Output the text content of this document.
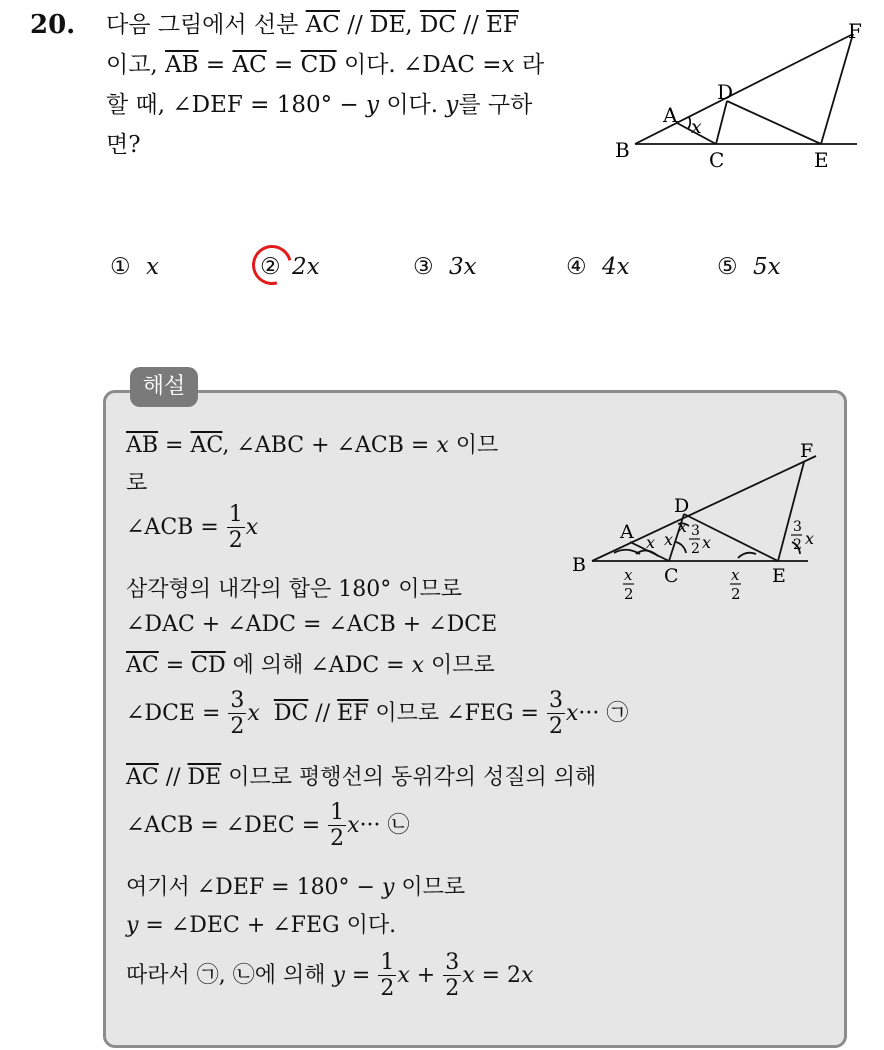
20. 다음 그림에서 선분 $\overline{AC} // \overline{DE}$, $\overline{DC} // \overline{EF}$
이고, $\overline{AB} = \overline{AC} = \overline{CD}$ 이다. ∠DAC =x 라
할 때, ∠DEF = 180° − y 이다. y를 구하
면?
F
D
A x
B	C	E
① x	② 2x	③ 3x	④ 4x	⑤ 5x
해설
$\overline{AB} = \overline{AC}$, ∠ABC + ∠ACB = x 이므
로
∠ACB = $\frac{1}{2}$ x
삼각형의 내각의 합은 180° 이므로
∠DAC + ∠ADC = ∠ACB + ∠DCE
$\overline{AC} = \overline{CD}$ 에 의해 ∠ADC = x 이므로
∠DCE = $\frac{3}{2}$ x $\overline{DC} // \overline{EF}$ 이므로 ∠FEG = $\frac{3}{2} x\cdot\cdot\cdot$ ㉠
$\overline{AC} // \overline{DE}$ 이므로 평행선의 동위각의 성질의 의해
∠ACB = ∠DEC = $\frac{1}{2} x\cdot\cdot\cdot$ ㉡
여기서 ∠DEF = 180° − y 이므로
y = ∠DEC + ∠FEG 이다.
따라서 ㉠, ㉡에 의해 $y = \frac{1}{2}$ $x + \frac{3}{2}$ x = 2x
F
D
A
B	C	E
x x
x 3
2 x
3
2 x
x
2
x
2
